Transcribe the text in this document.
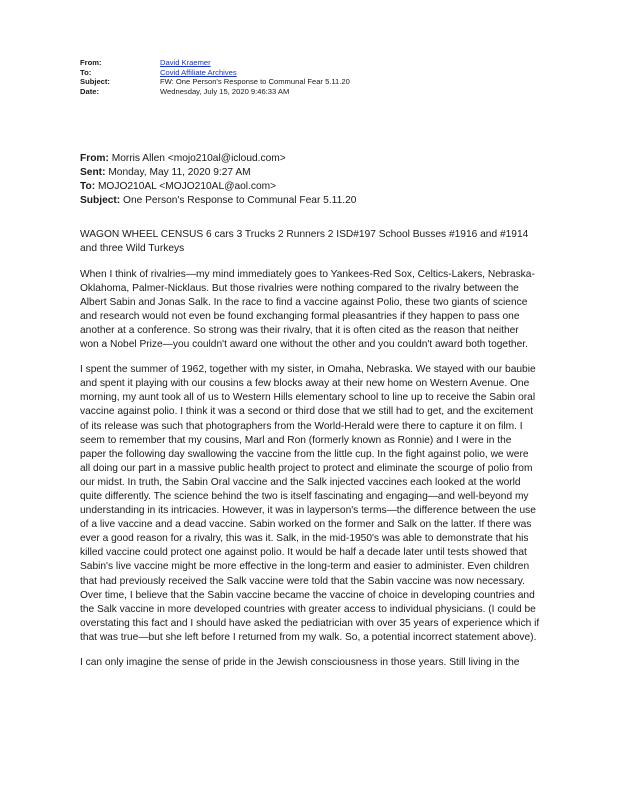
From:	David Kraemer
To:	Covid Affiliate Archives
Subject:	FW: One Person's Response to Communal Fear 5.11.20
Date:	Wednesday, July 15, 2020 9:46:33 AM
From: Morris Allen <mojo210al@icloud.com>
Sent: Monday, May 11, 2020 9:27 AM
To: MOJO210AL <MOJO210AL@aol.com>
Subject: One Person's Response to Communal Fear 5.11.20

WAGON WHEEL CENSUS 6 cars 3 Trucks 2 Runners 2 ISD#197 School Busses #1916 and #1914 and three Wild Turkeys

When I think of rivalries—my mind immediately goes to Yankees-Red Sox, Celtics-Lakers, Nebraska-Oklahoma, Palmer-Nicklaus. But those rivalries were nothing compared to the rivalry between the Albert Sabin and Jonas Salk. In the race to find a vaccine against Polio, these two giants of science and research would not even be found exchanging formal pleasantries if they happen to pass one another at a conference. So strong was their rivalry, that it is often cited as the reason that neither won a Nobel Prize—you couldn't award one without the other and you couldn't award both together.

I spent the summer of 1962, together with my sister, in Omaha, Nebraska. We stayed with our baubie and spent it playing with our cousins a few blocks away at their new home on Western Avenue. One morning, my aunt took all of us to Western Hills elementary school to line up to receive the Sabin oral vaccine against polio. I think it was a second or third dose that we still had to get, and the excitement of its release was such that photographers from the World-Herald were there to capture it on film. I seem to remember that my cousins, Marl and Ron (formerly known as Ronnie) and I were in the paper the following day swallowing the vaccine from the little cup. In the fight against polio, we were all doing our part in a massive public health project to protect and eliminate the scourge of polio from our midst. In truth, the Sabin Oral vaccine and the Salk injected vaccines each looked at the world quite differently. The science behind the two is itself fascinating and engaging—and well-beyond my understanding in its intricacies. However, it was in layperson's terms—the difference between the use of a live vaccine and a dead vaccine. Sabin worked on the former and Salk on the latter. If there was ever a good reason for a rivalry, this was it. Salk, in the mid-1950's was able to demonstrate that his killed vaccine could protect one against polio. It would be half a decade later until tests showed that Sabin's live vaccine might be more effective in the long-term and easier to administer. Even children that had previously received the Salk vaccine were told that the Sabin vaccine was now necessary. Over time, I believe that the Sabin vaccine became the vaccine of choice in developing countries and the Salk vaccine in more developed countries with greater access to individual physicians. (I could be overstating this fact and I should have asked the pediatrician with over 35 years of experience which if that was true—but she left before I returned from my walk. So, a potential incorrect statement above).

I can only imagine the sense of pride in the Jewish consciousness in those years. Still living in the
